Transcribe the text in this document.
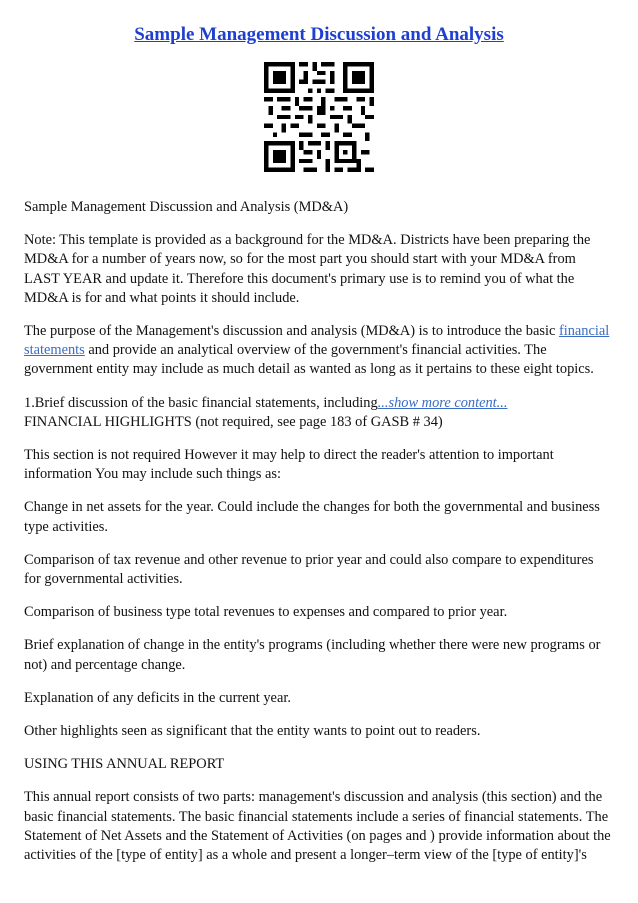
Sample Management Discussion and Analysis

Sample Management Discussion and Analysis (MD&A)

Note: This template is provided as a background for the MD&A. Districts have been preparing the MD&A for a number of years now, so for the most part you should start with your MD&A from LAST YEAR and update it. Therefore this document's primary use is to remind you of what the MD&A is for and what points it should include.

The purpose of the Management's discussion and analysis (MD&A) is to introduce the basic financial statements and provide an analytical overview of the government's financial activities. The government entity may include as much detail as wanted as long as it pertains to these eight topics.

1.Brief discussion of the basic financial statements, including...show more content...
FINANCIAL HIGHLIGHTS (not required, see page 183 of GASB # 34)

This section is not required However it may help to direct the reader's attention to important information You may include such things as:

Change in net assets for the year. Could include the changes for both the governmental and business type activities.

Comparison of tax revenue and other revenue to prior year and could also compare to expenditures for governmental activities.

Comparison of business type total revenues to expenses and compared to prior year.

Brief explanation of change in the entity's programs (including whether there were new programs or not) and percentage change.

Explanation of any deficits in the current year.

Other highlights seen as significant that the entity wants to point out to readers.

USING THIS ANNUAL REPORT

This annual report consists of two parts: management's discussion and analysis (this section) and the basic financial statements. The basic financial statements include a series of financial statements. The Statement of Net Assets and the Statement of Activities (on pages and ) provide information about the activities of the [type of entity] as a whole and present a longer–term view of the [type of entity]'s
